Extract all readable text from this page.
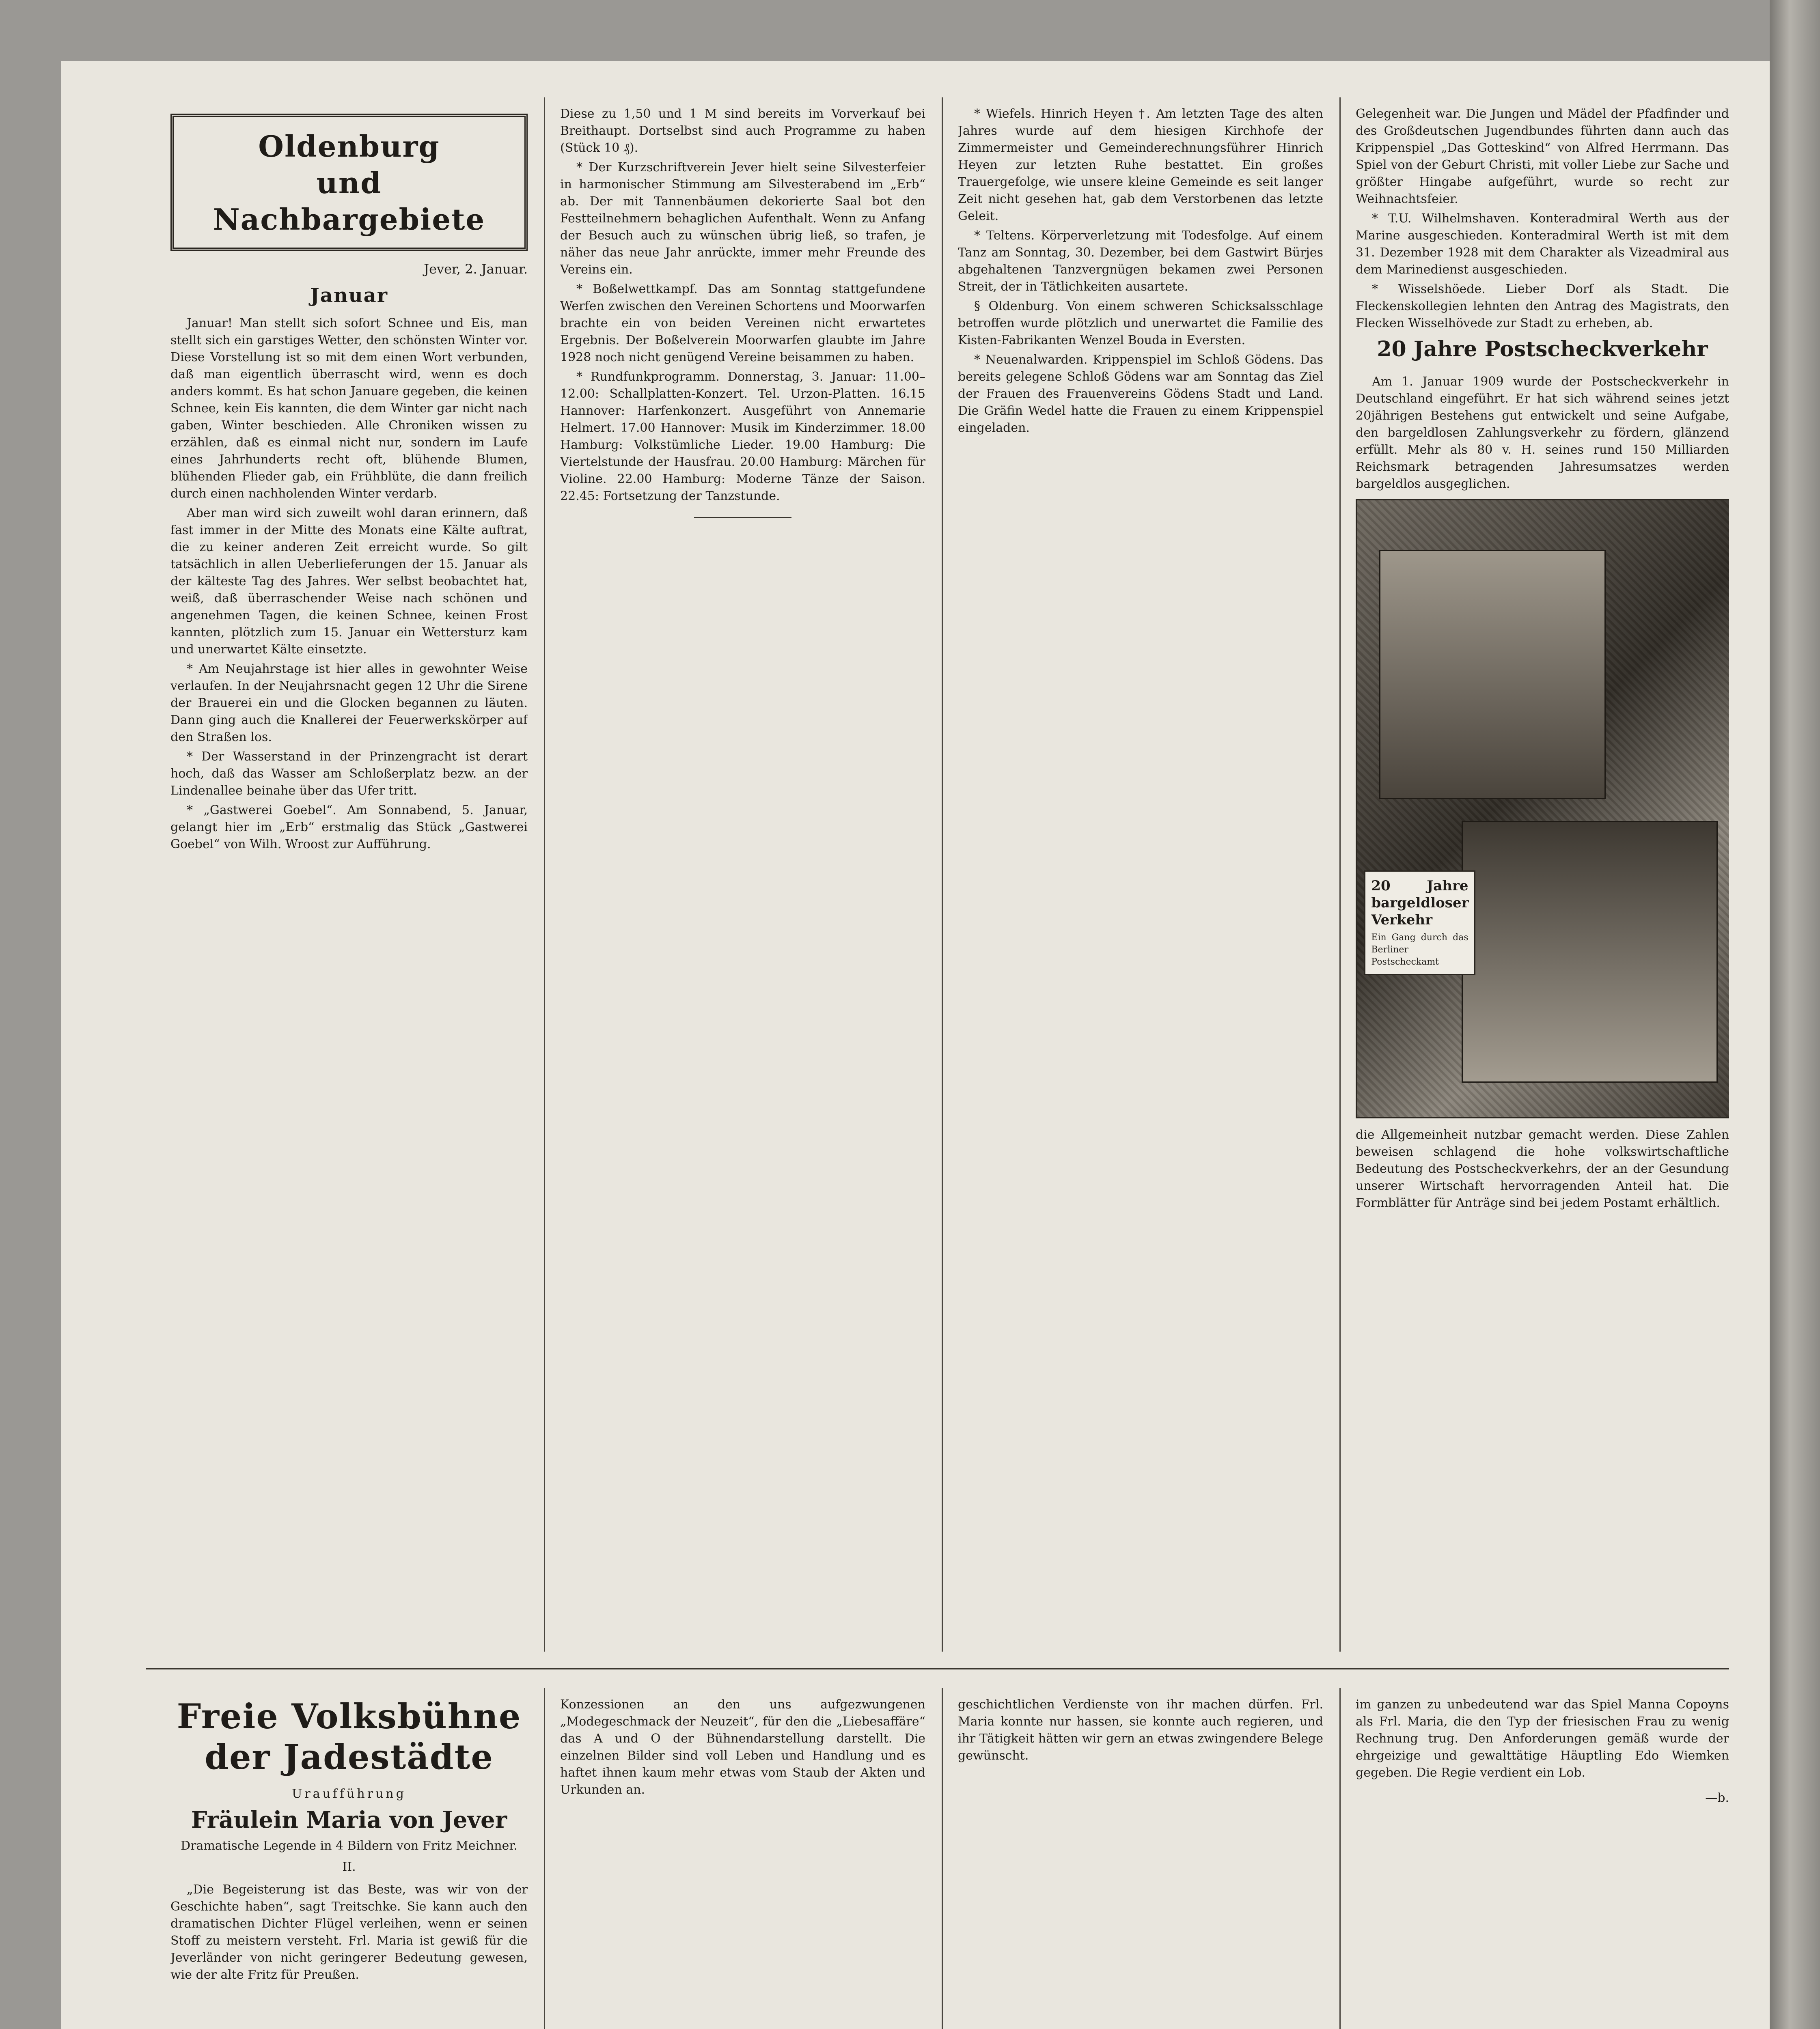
Oldenburg
und Nachbargebiete
Jever, 2. Januar.
Januar

Januar! Man stellt sich sofort Schnee und Eis, man stellt sich ein garstiges Wetter, den schönsten Winter vor. Diese Vorstellung ist so mit dem einen Wort verbunden, daß man eigentlich überrascht wird, wenn es doch anders kommt. Es hat schon Januare gegeben, die keinen Schnee, kein Eis kannten, die dem Winter gar nicht nach gaben, Winter beschieden. Alle Chroniken wissen zu erzählen, daß es einmal nicht nur, sondern im Laufe eines Jahrhunderts recht oft, blühende Blumen, blühenden Flieder gab, ein Frühblüte, die dann freilich durch einen nachholenden Winter verdarb.

Aber man wird sich zuweilt wohl daran erinnern, daß fast immer in der Mitte des Monats eine Kälte auftrat, die zu keiner anderen Zeit erreicht wurde. So gilt tatsächlich in allen Ueberlieferungen der 15. Januar als der kälteste Tag des Jahres. Wer selbst beobachtet hat, weiß, daß überraschender Weise nach schönen und angenehmen Tagen, die keinen Schnee, keinen Frost kannten, plötzlich zum 15. Januar ein Wettersturz kam und unerwartet Kälte einsetzte.

* Am Neujahrstage ist hier alles in gewohnter Weise verlaufen. In der Neujahrsnacht gegen 12 Uhr die Sirene der Brauerei ein und die Glocken begannen zu läuten. Dann ging auch die Knallerei der Feuerwerkskörper auf den Straßen los.

* Der Wasserstand in der Prinzengracht ist derart hoch, daß das Wasser am Schloßerplatz bezw. an der Lindenallee beinahe über das Ufer tritt.

* „Gastwerei Goebel“. Am Sonnabend, 5. Januar, gelangt hier im „Erb“ erstmalig das Stück „Gastwerei Goebel“ von Wilh. Wroost zur Aufführung.

Diese zu 1,50 und 1 M sind bereits im Vorverkauf bei Breithaupt. Dortselbst sind auch Programme zu haben (Stück 10 ₰).

* Der Kurzschriftverein Jever hielt seine Silvesterfeier in harmonischer Stimmung am Silvesterabend im „Erb“ ab. Der mit Tannenbäumen dekorierte Saal bot den Festteilnehmern behaglichen Aufenthalt. Wenn zu Anfang der Besuch auch zu wünschen übrig ließ, so trafen, je näher das neue Jahr anrückte, immer mehr Freunde des Vereins ein.

* Boßelwettkampf. Das am Sonntag stattgefundene Werfen zwischen den Vereinen Schortens und Moorwarfen brachte ein von beiden Vereinen nicht erwartetes Ergebnis. Der Boßelverein Moorwarfen glaubte im Jahre 1928 noch nicht genügend Vereine beisammen zu haben.

* Rundfunkprogramm. Donnerstag, 3. Januar: 11.00–12.00: Schallplatten-Konzert. Tel. Urzon-Platten. 16.15 Hannover: Harfenkonzert. Ausgeführt von Annemarie Helmert. 17.00 Hannover: Musik im Kinderzimmer. 18.00 Hamburg: Volkstümliche Lieder. 19.00 Hamburg: Die Viertelstunde der Hausfrau. 20.00 Hamburg: Märchen für Violine. 22.00 Hamburg: Moderne Tänze der Saison. 22.45: Fortsetzung der Tanzstunde.

* Wiefels. Hinrich Heyen †. Am letzten Tage des alten Jahres wurde auf dem hiesigen Kirchhofe der Zimmermeister und Gemeinderechnungsführer Hinrich Heyen zur letzten Ruhe bestattet. Ein großes Trauergefolge, wie unsere kleine Gemeinde es seit langer Zeit nicht gesehen hat, gab dem Verstorbenen das letzte Geleit.

* Teltens. Körperverletzung mit Todesfolge. Auf einem Tanz am Sonntag, 30. Dezember, bei dem Gastwirt Bürjes abgehaltenen Tanzvergnügen bekamen zwei Personen Streit, der in Tätlichkeiten ausartete.

§ Oldenburg. Von einem schweren Schicksalsschlage betroffen wurde plötzlich und unerwartet die Familie des Kisten-Fabrikanten Wenzel Bouda in Eversten.

* Neuenalwarden. Krippenspiel im Schloß Gödens. Das bereits gelegene Schloß Gödens war am Sonntag das Ziel der Frauen des Frauenvereins Gödens Stadt und Land. Die Gräfin Wedel hatte die Frauen zu einem Krippenspiel eingeladen.

Gelegenheit war. Die Jungen und Mädel der Pfadfinder und des Großdeutschen Jugendbundes führten dann auch das Krippenspiel „Das Gotteskind“ von Alfred Herrmann. Das Spiel von der Geburt Christi, mit voller Liebe zur Sache und größter Hingabe aufgeführt, wurde so recht zur Weihnachtsfeier.

* T.U. Wilhelmshaven. Konteradmiral Werth aus der Marine ausgeschieden. Konteradmiral Werth ist mit dem 31. Dezember 1928 mit dem Charakter als Vizeadmiral aus dem Marinedienst ausgeschieden.

* Wisselshöede. Lieber Dorf als Stadt. Die Fleckenskollegien lehnten den Antrag des Magistrats, den Flecken Wisselhövede zur Stadt zu erheben, ab.

20 Jahre Postscheckverkehr

Am 1. Januar 1909 wurde der Postscheckverkehr in Deutschland eingeführt. Er hat sich während seines jetzt 20jährigen Bestehens gut entwickelt und seine Aufgabe, den bargeldlosen Zahlungsverkehr zu fördern, glänzend erfüllt. Mehr als 80 v. H. seines rund 150 Milliarden Reichsmark betragenden Jahresumsatzes werden bargeldlos ausgeglichen.

20 Jahre bargeldloser Verkehr
Ein Gang durch das Berliner Postscheckamt

die Allgemeinheit nutzbar gemacht werden. Diese Zahlen beweisen schlagend die hohe volkswirtschaftliche Bedeutung des Postscheckverkehrs, der an der Gesundung unserer Wirtschaft hervorragenden Anteil hat. Die Formblätter für Anträge sind bei jedem Postamt erhältlich.

Freie Volksbühne der Jadestädte
Uraufführung
Fräulein Maria von Jever
Dramatische Legende in 4 Bildern von Fritz Meichner.
II.

„Die Begeisterung ist das Beste, was wir von der Geschichte haben“, sagt Treitschke. Sie kann auch den dramatischen Dichter Flügel verleihen, wenn er seinen Stoff zu meistern versteht. Frl. Maria ist gewiß für die Jeverländer von nicht geringerer Bedeutung gewesen, wie der alte Fritz für Preußen.

Konzessionen an den uns aufgezwungenen „Modegeschmack der Neuzeit“, für den die „Liebesaffäre“ das A und O der Bühnendarstellung darstellt. Die einzelnen Bilder sind voll Leben und Handlung und es haftet ihnen kaum mehr etwas vom Staub der Akten und Urkunden an.

geschichtlichen Verdienste von ihr machen dürfen. Frl. Maria konnte nur hassen, sie konnte auch regieren, und ihr Tätigkeit hätten wir gern an etwas zwingendere Belege gewünscht.

im ganzen zu unbedeutend war das Spiel Manna Copoyns als Frl. Maria, die den Typ der friesischen Frau zu wenig Rechnung trug. Den Anforderungen gemäß wurde der ehrgeizige und gewalttätige Häuptling Edo Wiemken gegeben. Die Regie verdient ein Lob.

—b.
